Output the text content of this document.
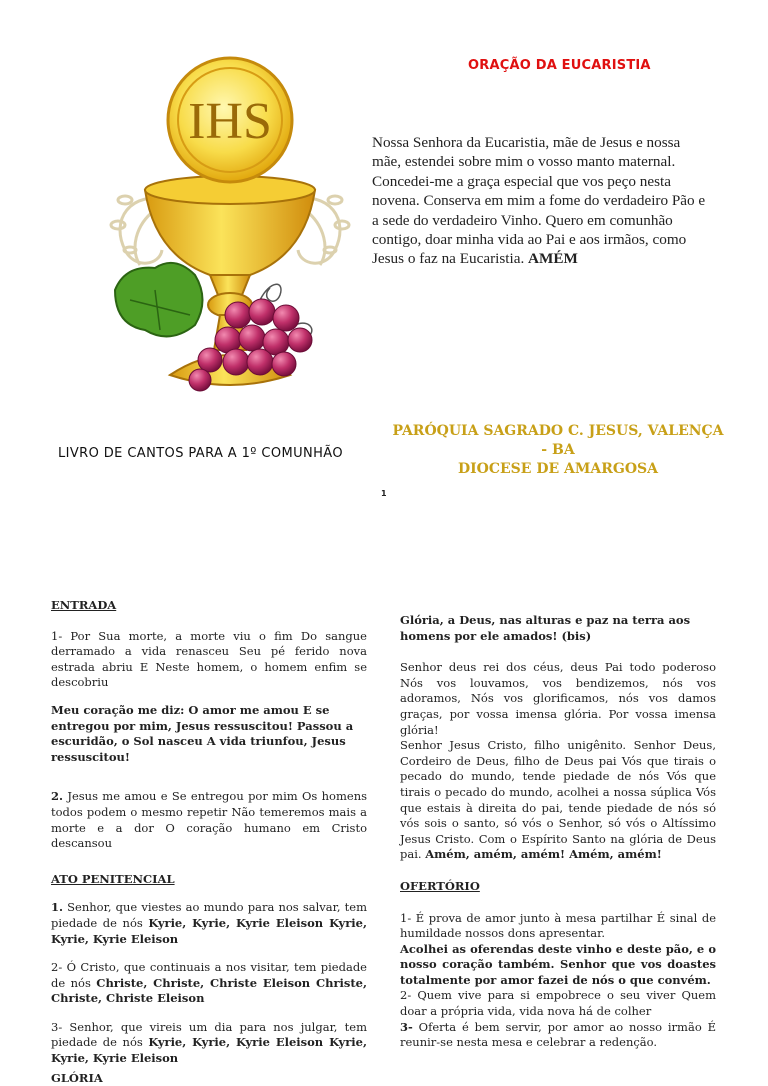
IHS
ORAÇÃO DA EUCARISTIA
Nossa Senhora da Eucaristia, mãe de Jesus e nossa mãe, estendei sobre mim o vosso manto maternal. Concedei-me a graça especial que vos peço nesta novena. Conserva em mim a fome do verdadeiro Pão e a sede do verdadeiro Vinho. Quero em comunhão contigo, doar minha vida ao Pai e aos irmãos, como Jesus o faz na Eucaristia. AMÉM
LIVRO DE CANTOS PARA A 1º COMUNHÃO
PARÓQUIA SAGRADO C. JESUS, VALENÇA - BA
DIOCESE DE AMARGOSA
1

ENTRADA

1- Por Sua morte, a morte viu o fim Do sangue derramado a vida renasceu Seu pé ferido nova estrada abriu E Neste homem, o homem enfim se descobriu

Meu coração me diz: O amor me amou E se entregou por mim, Jesus ressuscitou! Passou a escuridão, o Sol nasceu A vida triunfou, Jesus ressuscitou!

2. Jesus me amou e Se entregou por mim Os homens todos podem o mesmo repetir Não temeremos mais a morte e a dor O coração humano em Cristo descansou

ATO PENITENCIAL

1. Senhor, que viestes ao mundo para nos salvar, tem piedade de nós Kyrie, Kyrie, Kyrie Eleison Kyrie, Kyrie, Kyrie Eleison

2- Ó Cristo, que continuais a nos visitar, tem piedade de nós Christe, Christe, Christe Eleison Christe, Christe, Christe Eleison

3- Senhor, que vireis um dia para nos julgar, tem piedade de nós Kyrie, Kyrie, Kyrie Eleison Kyrie, Kyrie, Kyrie Eleison

GLÓRIA

Glória, a Deus, nas alturas e paz na terra aos homens por ele amados! (bis)

Senhor deus rei dos céus, deus Pai todo poderoso Nós vos louvamos, vos bendizemos, nós vos adoramos, Nós vos glorificamos, nós vos damos graças, por vossa imensa glória. Por vossa imensa glória!

Senhor Jesus Cristo, filho unigênito. Senhor Deus, Cordeiro de Deus, filho de Deus pai Vós que tirais o pecado do mundo, tende piedade de nós Vós que tirais o pecado do mundo, acolhei a nossa súplica Vós que estais à direita do pai, tende piedade de nós só vós sois o santo, só vós o Senhor, só vós o Altíssimo Jesus Cristo. Com o Espírito Santo na glória de Deus pai. Amém, amém, amém! Amém, amém!

OFERTÓRIO

1- É prova de amor junto à mesa partilhar É sinal de humildade nossos dons apresentar.

Acolhei as oferendas deste vinho e deste pão, e o nosso coração também. Senhor que vos doastes totalmente por amor fazei de nós o que convém.

2- Quem vive para si empobrece o seu viver Quem doar a própria vida, vida nova há de colher

3- Oferta é bem servir, por amor ao nosso irmão É reunir-se nesta mesa e celebrar a redenção.
